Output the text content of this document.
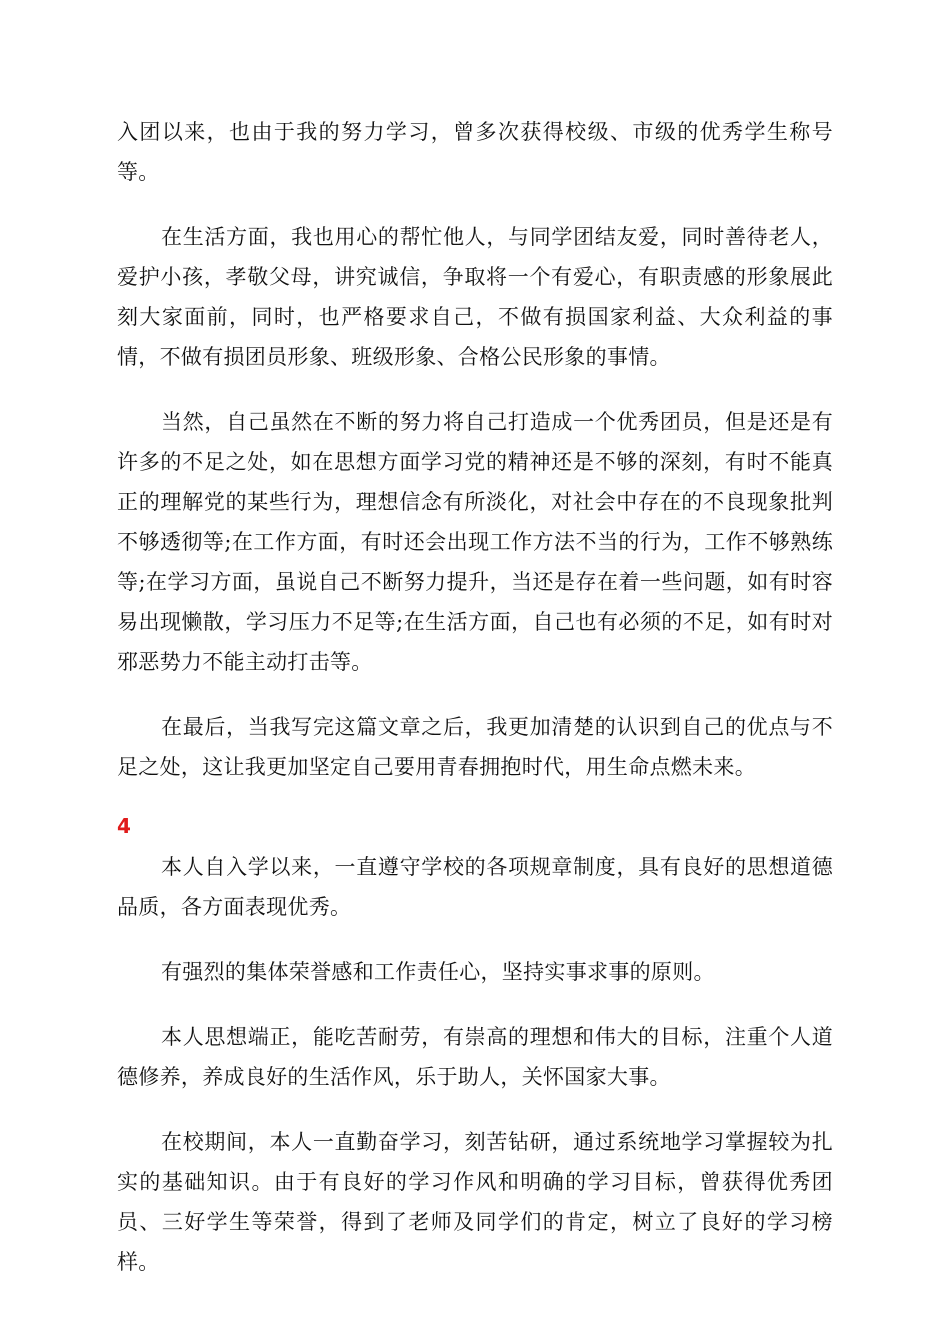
入团以来，也由于我的努力学习，曾多次获得校级、市级的优秀学生称号等。

在生活方面，我也用心的帮忙他人，与同学团结友爱，同时善待老人，爱护小孩，孝敬父母，讲究诚信，争取将一个有爱心，有职责感的形象展此刻大家面前，同时，也严格要求自己，不做有损国家利益、大众利益的事情，不做有损团员形象、班级形象、合格公民形象的事情。

当然，自己虽然在不断的努力将自己打造成一个优秀团员，但是还是有许多的不足之处，如在思想方面学习党的精神还是不够的深刻，有时不能真正的理解党的某些行为，理想信念有所淡化，对社会中存在的不良现象批判不够透彻等;在工作方面，有时还会出现工作方法不当的行为，工作不够熟练等;在学习方面，虽说自己不断努力提升，当还是存在着一些问题，如有时容易出现懒散，学习压力不足等;在生活方面，自己也有必须的不足，如有时对邪恶势力不能主动打击等。

在最后，当我写完这篇文章之后，我更加清楚的认识到自己的优点与不足之处，这让我更加坚定自己要用青春拥抱时代，用生命点燃未来。

4

本人自入学以来，一直遵守学校的各项规章制度，具有良好的思想道德品质，各方面表现优秀。

有强烈的集体荣誉感和工作责任心，坚持实事求事的原则。

本人思想端正，能吃苦耐劳，有崇高的理想和伟大的目标，注重个人道德修养，养成良好的生活作风，乐于助人，关怀国家大事。

在校期间，本人一直勤奋学习，刻苦钻研，通过系统地学习掌握较为扎实的基础知识。由于有良好的学习作风和明确的学习目标，曾获得优秀团员、三好学生等荣誉，得到了老师及同学们的肯定，树立了良好的学习榜样。
